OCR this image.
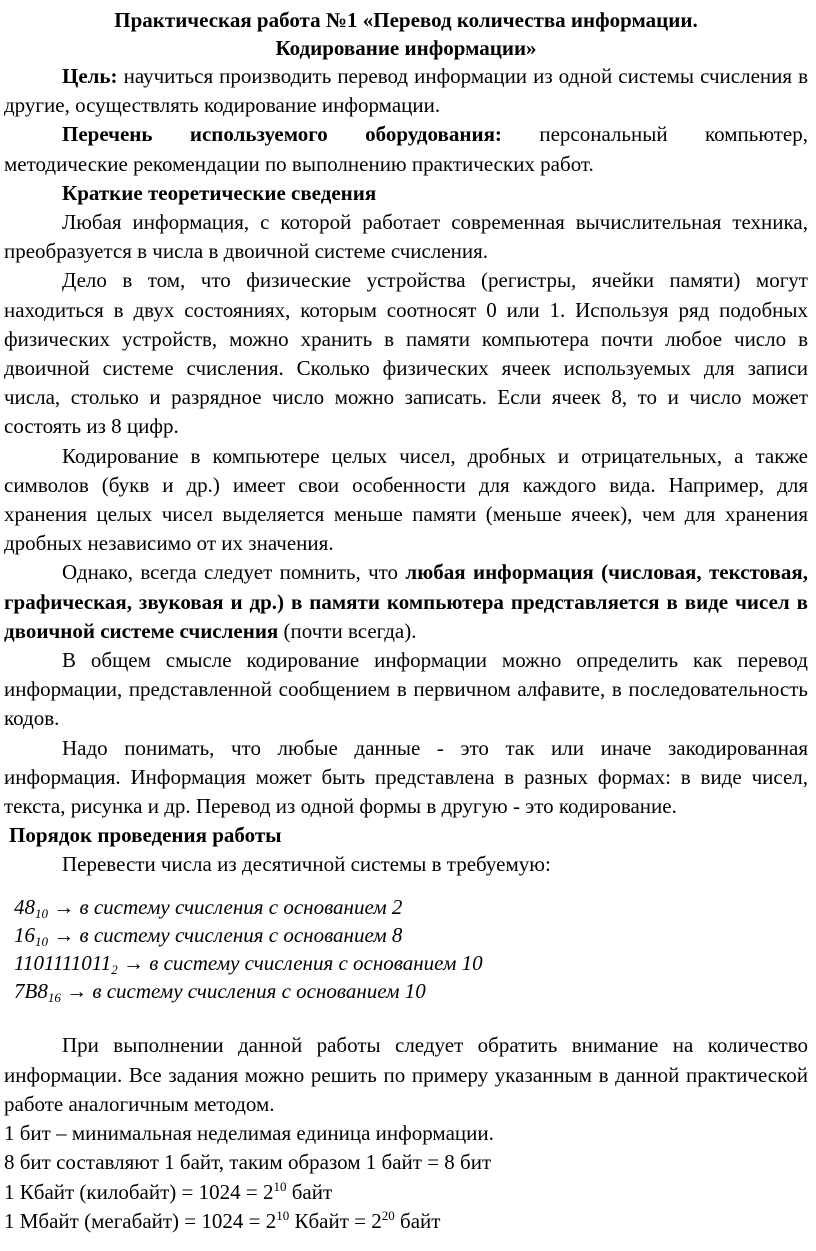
Практическая работа №1 «Перевод количества информации.
Кодирование информации»

Цель: научиться производить перевод информации из одной системы счисления в другие, осуществлять кодирование информации.

Перечень используемого оборудования: персональный компьютер, методические рекомендации по выполнению практических работ.

Краткие теоретические сведения

Любая информация, с которой работает современная вычислительная техника, преобразуется в числа в двоичной системе счисления.

Дело в том, что физические устройства (регистры, ячейки памяти) могут находиться в двух состояниях, которым соотносят 0 или 1. Используя ряд подобных физических устройств, можно хранить в памяти компьютера почти любое число в двоичной системе счисления. Сколько физических ячеек используемых для записи числа, столько и разрядное число можно записать. Если ячеек 8, то и число может состоять из 8 цифр.

Кодирование в компьютере целых чисел, дробных и отрицательных, а также символов (букв и др.) имеет свои особенности для каждого вида. Например, для хранения целых чисел выделяется меньше памяти (меньше ячеек), чем для хранения дробных независимо от их значения.

Однако, всегда следует помнить, что любая информация (числовая, текстовая, графическая, звуковая и др.) в памяти компьютера представляется в виде чисел в двоичной системе счисления (почти всегда).

В общем смысле кодирование информации можно определить как перевод информации, представленной сообщением в первичном алфавите, в последовательность кодов.

Надо понимать, что любые данные - это так или иначе закодированная информация. Информация может быть представлена в разных формах: в виде чисел, текста, рисунка и др. Перевод из одной формы в другую - это кодирование.

Порядок проведения работы

Перевести числа из десятичной системы в требуемую:

$48_{10} \to в$ систему счисления с основанием 2
$16_{10} \to в$ систему счисления с основанием 8
$1101111011_2 \to в$ систему счисления с основанием 10
$7B8_{16} \to в$ систему счисления с основанием 10

При выполнении данной работы следует обратить внимание на количество информации. Все задания можно решить по примеру указанным в данной практической работе аналогичным методом.

1 бит – минимальная неделимая единица информации.

8 бит составляют 1 байт, таким образом 1 байт = 8 бит

1 Кбайт (килобайт) = $1024 = 2^{10}$ байт

1 Мбайт (мегабайт) = $1024 = 2^{10}$ Кбайт = $2^{20}$ байт
